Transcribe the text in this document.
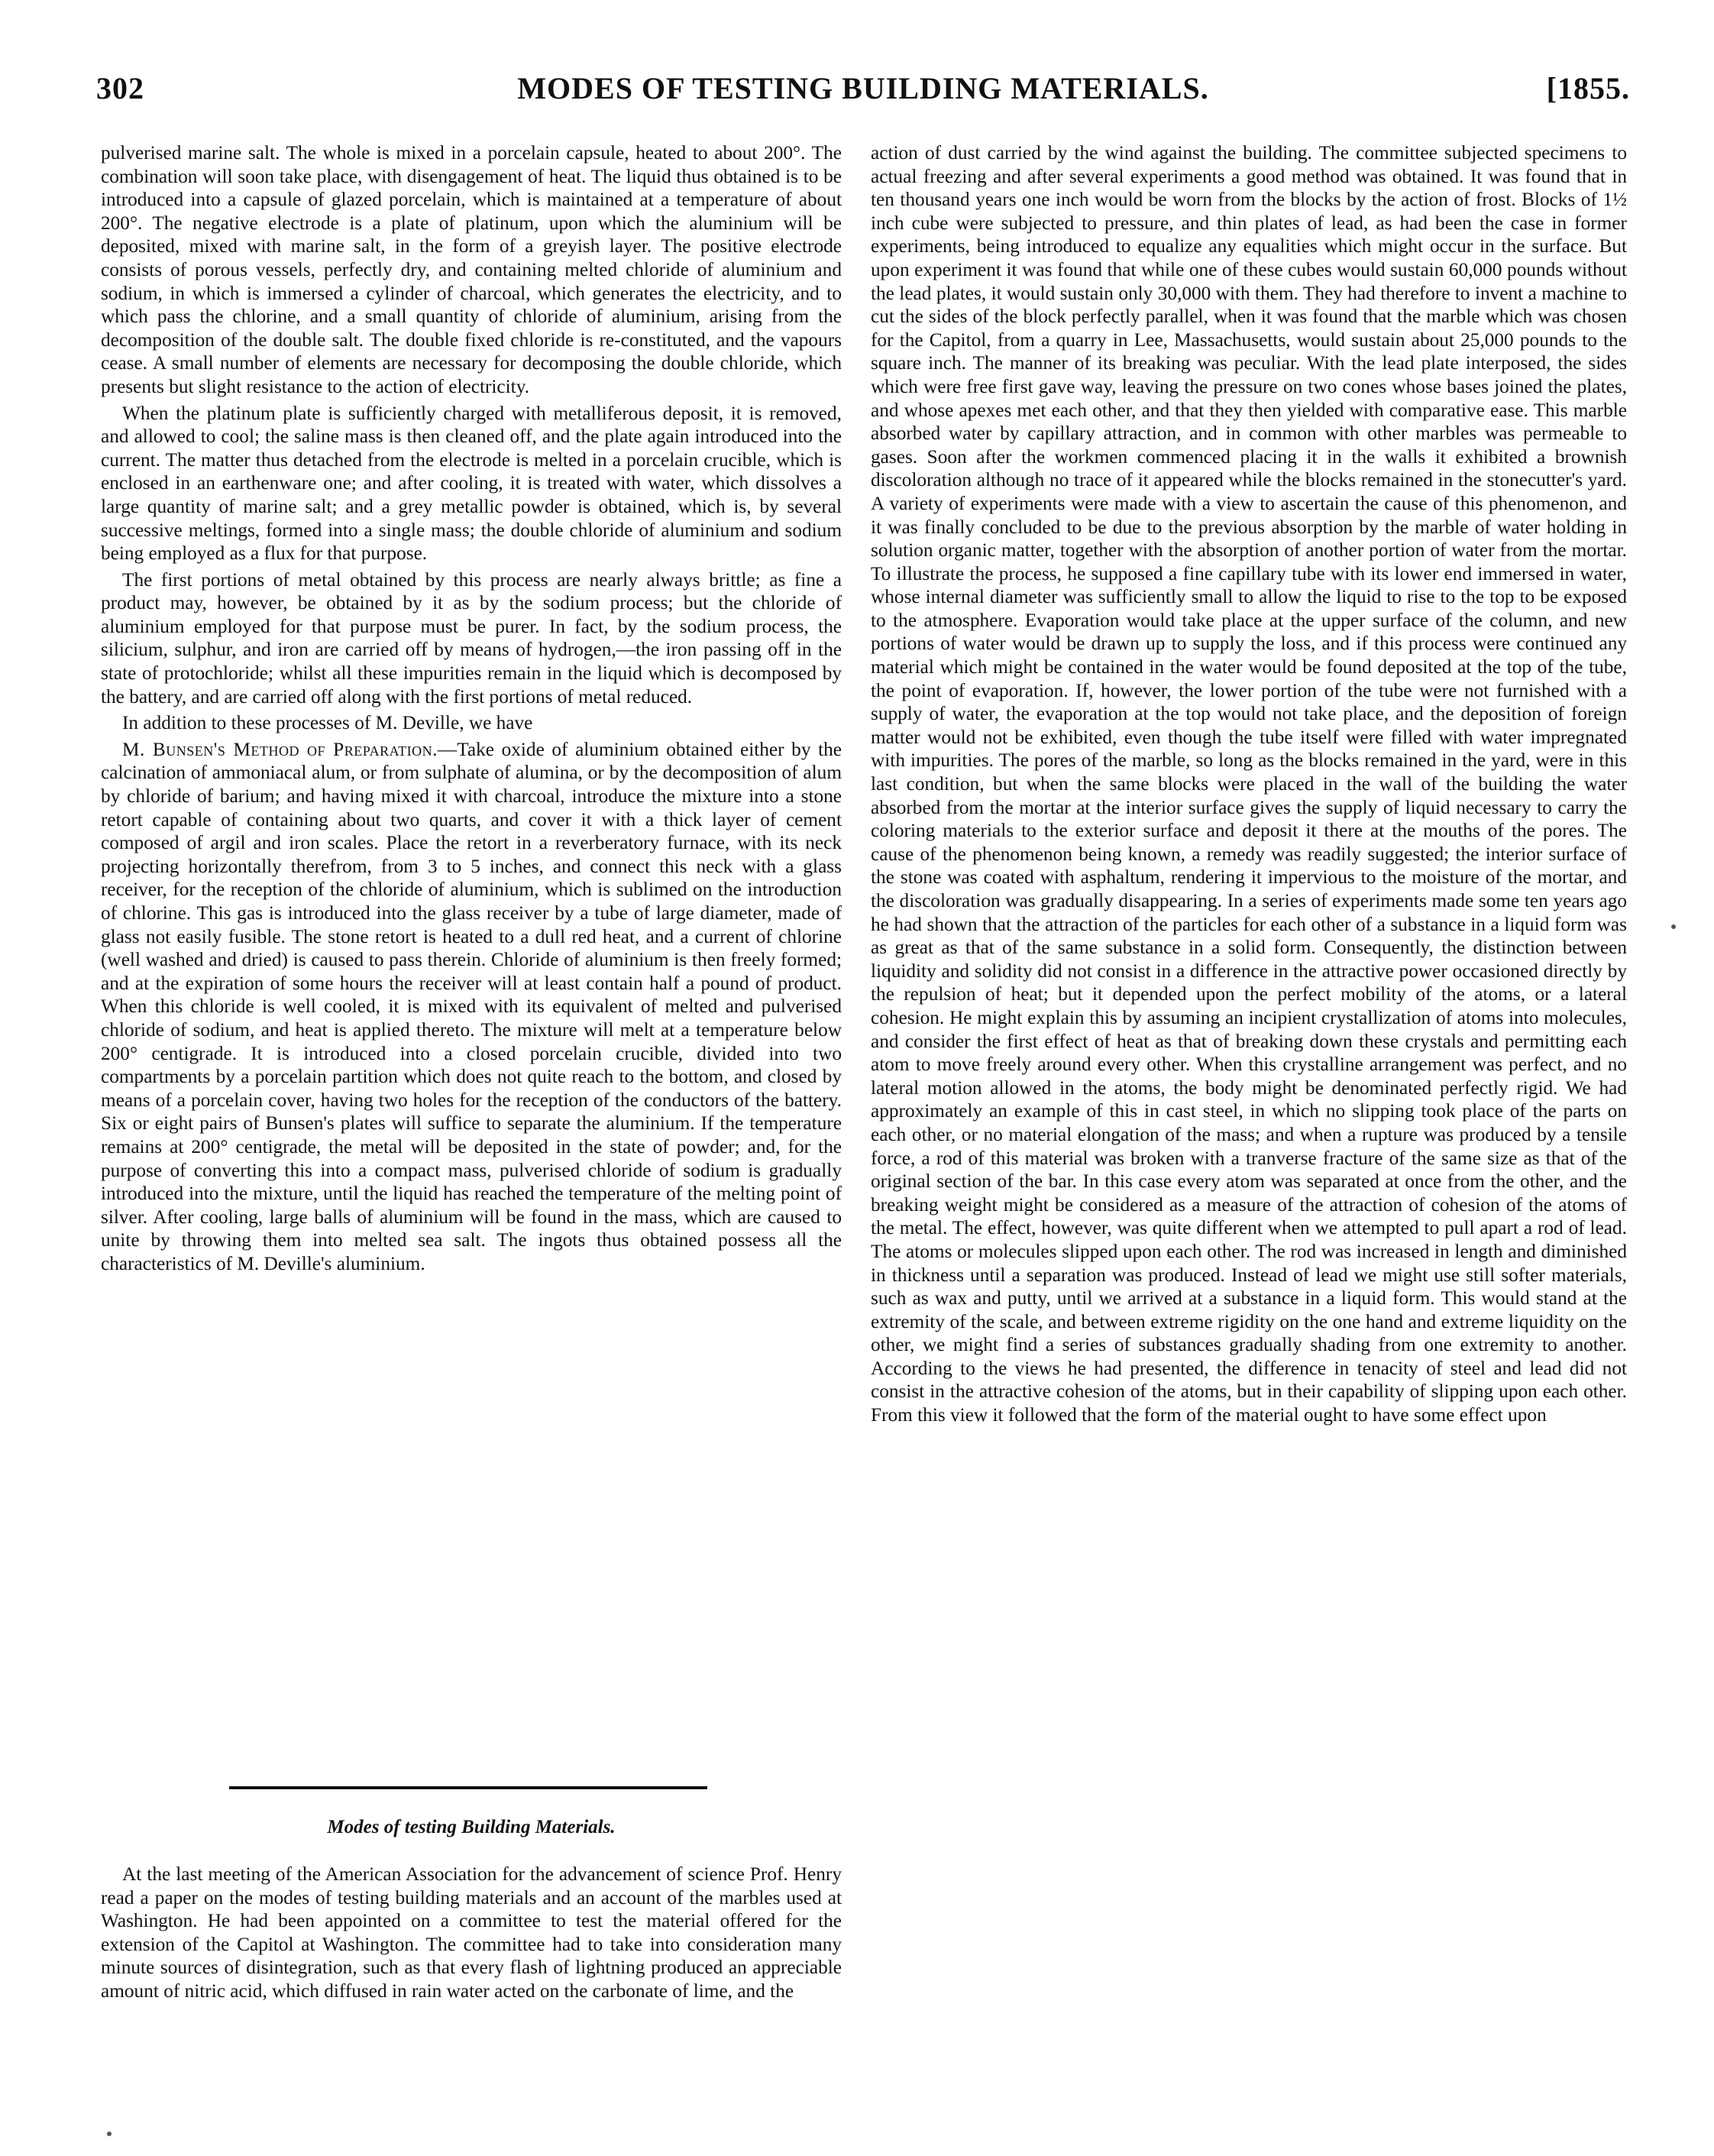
302	MODES OF TESTING BUILDING MATERIALS.	[1855.

pulverised marine salt. The whole is mixed in a porcelain capsule, heated to about 200°. The combination will soon take place, with disengagement of heat. The liquid thus obtained is to be introduced into a capsule of glazed porcelain, which is maintained at a temperature of about 200°. The negative electrode is a plate of platinum, upon which the aluminium will be deposited, mixed with marine salt, in the form of a greyish layer. The positive electrode consists of porous vessels, perfectly dry, and containing melted chloride of aluminium and sodium, in which is immersed a cylinder of charcoal, which generates the electricity, and to which pass the chlorine, and a small quantity of chloride of aluminium, arising from the decomposition of the double salt. The double fixed chloride is re-constituted, and the vapours cease. A small number of elements are necessary for decomposing the double chloride, which presents but slight resistance to the action of electricity.

When the platinum plate is sufficiently charged with metalliferous deposit, it is removed, and allowed to cool; the saline mass is then cleaned off, and the plate again introduced into the current. The matter thus detached from the electrode is melted in a porcelain crucible, which is enclosed in an earthenware one; and after cooling, it is treated with water, which dissolves a large quantity of marine salt; and a grey metallic powder is obtained, which is, by several successive meltings, formed into a single mass; the double chloride of aluminium and sodium being employed as a flux for that purpose.

The first portions of metal obtained by this process are nearly always brittle; as fine a product may, however, be obtained by it as by the sodium process; but the chloride of aluminium employed for that purpose must be purer. In fact, by the sodium process, the silicium, sulphur, and iron are carried off by means of hydrogen,—the iron passing off in the state of protochloride; whilst all these impurities remain in the liquid which is decomposed by the battery, and are carried off along with the first portions of metal reduced.

In addition to these processes of M. Deville, we have

M. Bunsen's Method of Preparation.—Take oxide of aluminium obtained either by the calcination of ammoniacal alum, or from sulphate of alumina, or by the decomposition of alum by chloride of barium; and having mixed it with charcoal, introduce the mixture into a stone retort capable of containing about two quarts, and cover it with a thick layer of cement composed of argil and iron scales. Place the retort in a reverberatory furnace, with its neck projecting horizontally therefrom, from 3 to 5 inches, and connect this neck with a glass receiver, for the reception of the chloride of aluminium, which is sublimed on the introduction of chlorine. This gas is introduced into the glass receiver by a tube of large diameter, made of glass not easily fusible. The stone retort is heated to a dull red heat, and a current of chlorine (well washed and dried) is caused to pass therein. Chloride of aluminium is then freely formed; and at the expiration of some hours the receiver will at least contain half a pound of product. When this chloride is well cooled, it is mixed with its equivalent of melted and pulverised chloride of sodium, and heat is applied thereto. The mixture will melt at a temperature below 200° centigrade. It is introduced into a closed porcelain crucible, divided into two compartments by a porcelain partition which does not quite reach to the bottom, and closed by means of a porcelain cover, having two holes for the reception of the conductors of the battery. Six or eight pairs of Bunsen's plates will suffice to separate the aluminium. If the temperature remains at 200° centigrade, the metal will be deposited in the state of powder; and, for the purpose of converting this into a compact mass, pulverised chloride of sodium is gradually introduced into the mixture, until the liquid has reached the temperature of the melting point of silver. After cooling, large balls of aluminium will be found in the mass, which are caused to unite by throwing them into melted sea salt. The ingots thus obtained possess all the characteristics of M. Deville's aluminium.

Modes of testing Building Materials.

At the last meeting of the American Association for the advancement of science Prof. Henry read a paper on the modes of testing building materials and an account of the marbles used at Washington. He had been appointed on a committee to test the material offered for the extension of the Capitol at Washington. The committee had to take into consideration many minute sources of disintegration, such as that every flash of lightning produced an appreciable amount of nitric acid, which diffused in rain water acted on the carbonate of lime, and the

action of dust carried by the wind against the building. The committee subjected specimens to actual freezing and after several experiments a good method was obtained. It was found that in ten thousand years one inch would be worn from the blocks by the action of frost. Blocks of 1½ inch cube were subjected to pressure, and thin plates of lead, as had been the case in former experiments, being introduced to equalize any equalities which might occur in the surface. But upon experiment it was found that while one of these cubes would sustain 60,000 pounds without the lead plates, it would sustain only 30,000 with them. They had therefore to invent a machine to cut the sides of the block perfectly parallel, when it was found that the marble which was chosen for the Capitol, from a quarry in Lee, Massachusetts, would sustain about 25,000 pounds to the square inch. The manner of its breaking was peculiar. With the lead plate interposed, the sides which were free first gave way, leaving the pressure on two cones whose bases joined the plates, and whose apexes met each other, and that they then yielded with comparative ease. This marble absorbed water by capillary attraction, and in common with other marbles was permeable to gases. Soon after the workmen commenced placing it in the walls it exhibited a brownish discoloration although no trace of it appeared while the blocks remained in the stonecutter's yard. A variety of experiments were made with a view to ascertain the cause of this phenomenon, and it was finally concluded to be due to the previous absorption by the marble of water holding in solution organic matter, together with the absorption of another portion of water from the mortar. To illustrate the process, he supposed a fine capillary tube with its lower end immersed in water, whose internal diameter was sufficiently small to allow the liquid to rise to the top to be exposed to the atmosphere. Evaporation would take place at the upper surface of the column, and new portions of water would be drawn up to supply the loss, and if this process were continued any material which might be contained in the water would be found deposited at the top of the tube, the point of evaporation. If, however, the lower portion of the tube were not furnished with a supply of water, the evaporation at the top would not take place, and the deposition of foreign matter would not be exhibited, even though the tube itself were filled with water impregnated with impurities. The pores of the marble, so long as the blocks remained in the yard, were in this last condition, but when the same blocks were placed in the wall of the building the water absorbed from the mortar at the interior surface gives the supply of liquid necessary to carry the coloring materials to the exterior surface and deposit it there at the mouths of the pores. The cause of the phenomenon being known, a remedy was readily suggested; the interior surface of the stone was coated with asphaltum, rendering it impervious to the moisture of the mortar, and the discoloration was gradually disappearing. In a series of experiments made some ten years ago he had shown that the attraction of the particles for each other of a substance in a liquid form was as great as that of the same substance in a solid form. Consequently, the distinction between liquidity and solidity did not consist in a difference in the attractive power occasioned directly by the repulsion of heat; but it depended upon the perfect mobility of the atoms, or a lateral cohesion. He might explain this by assuming an incipient crystallization of atoms into molecules, and consider the first effect of heat as that of breaking down these crystals and permitting each atom to move freely around every other. When this crystalline arrangement was perfect, and no lateral motion allowed in the atoms, the body might be denominated perfectly rigid. We had approximately an example of this in cast steel, in which no slipping took place of the parts on each other, or no material elongation of the mass; and when a rupture was produced by a tensile force, a rod of this material was broken with a tranverse fracture of the same size as that of the original section of the bar. In this case every atom was separated at once from the other, and the breaking weight might be considered as a measure of the attraction of cohesion of the atoms of the metal. The effect, however, was quite different when we attempted to pull apart a rod of lead. The atoms or molecules slipped upon each other. The rod was increased in length and diminished in thickness until a separation was produced. Instead of lead we might use still softer materials, such as wax and putty, until we arrived at a substance in a liquid form. This would stand at the extremity of the scale, and between extreme rigidity on the one hand and extreme liquidity on the other, we might find a series of substances gradually shading from one extremity to another. According to the views he had presented, the difference in tenacity of steel and lead did not consist in the attractive cohesion of the atoms, but in their capability of slipping upon each other. From this view it followed that the form of the material ought to have some effect upon
